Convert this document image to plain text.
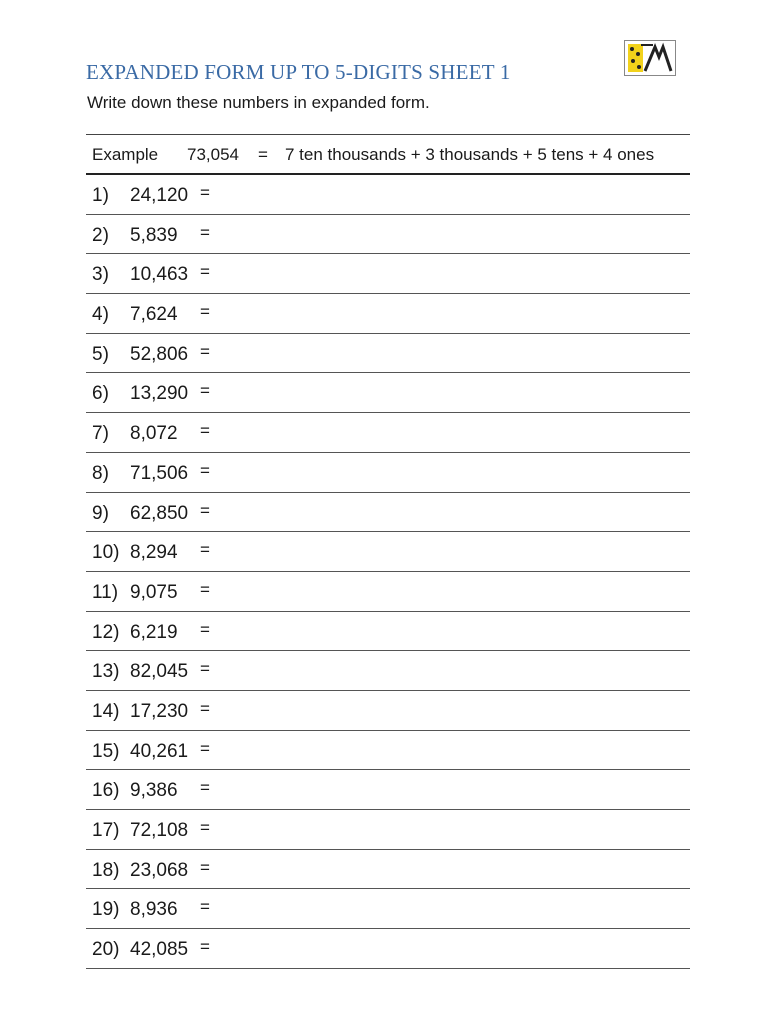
EXPANDED FORM UP TO 5-DIGITS SHEET 1
Write down these numbers in expanded form.
Example 73,054 = 7 ten thousands + 3 thousands + 5 tens + 4 ones
1) 24,120 =
2) 5,839 =
3) 10,463 =
4) 7,624 =
5) 52,806 =
6) 13,290 =
7) 8,072 =
8) 71,506 =
9) 62,850 =
10) 8,294 =
11) 9,075 =
12) 6,219 =
13) 82,045 =
14) 17,230 =
15) 40,261 =
16) 9,386 =
17) 72,108 =
18) 23,068 =
19) 8,936 =
20) 42,085 =
